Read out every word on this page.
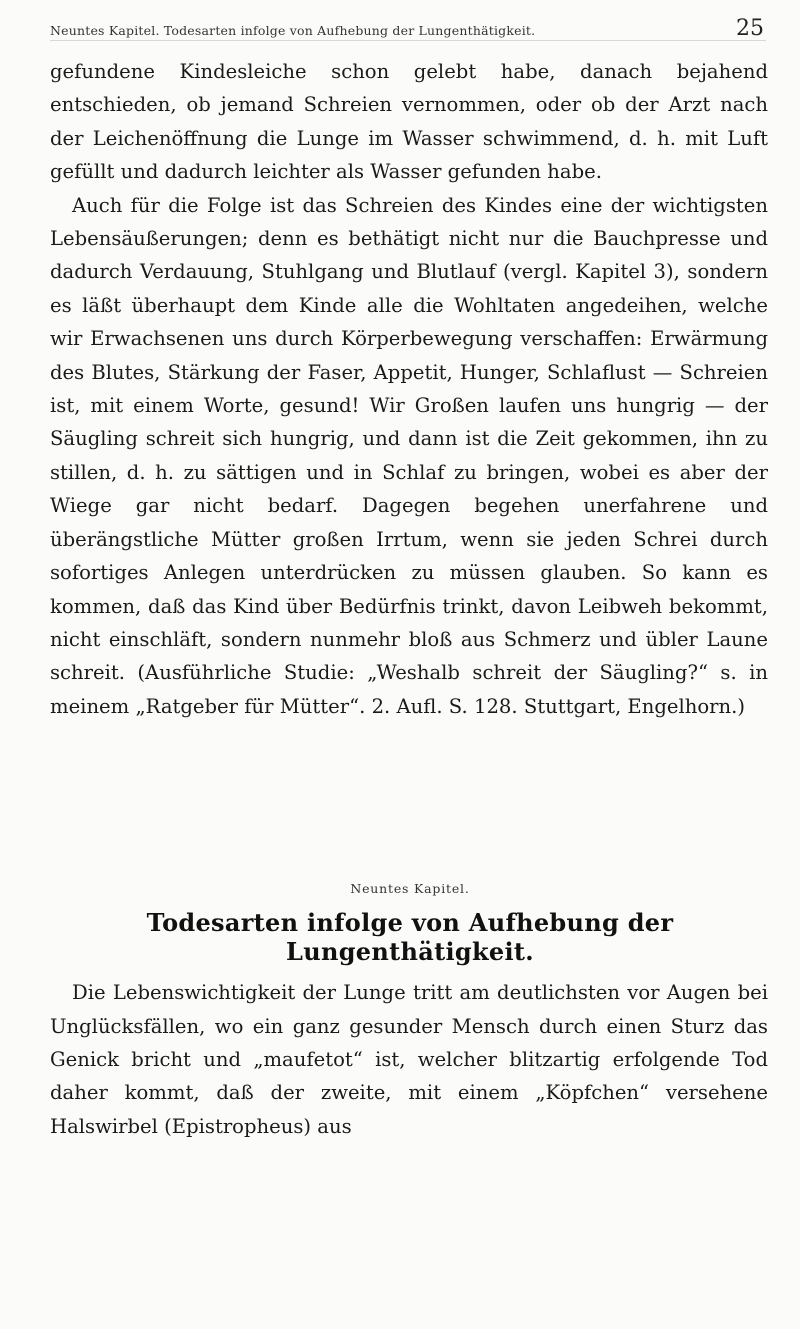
Neuntes Kapitel. Todesarten infolge von Aufhebung der Lungenthätigkeit.	25

gefundene Kindesleiche schon gelebt habe, danach bejahend entschieden, ob jemand Schreien vernommen, oder ob der Arzt nach der Leichenöffnung die Lunge im Wasser schwimmend, d. h. mit Luft gefüllt und dadurch leichter als Wasser gefunden habe.

Auch für die Folge ist das Schreien des Kindes eine der wichtigsten Lebensäußerungen; denn es bethätigt nicht nur die Bauchpresse und dadurch Verdauung, Stuhlgang und Blutlauf (vergl. Kapitel 3), sondern es läßt überhaupt dem Kinde alle die Wohltaten angedeihen, welche wir Erwachsenen uns durch Körperbewegung verschaffen: Erwärmung des Blutes, Stärkung der Faser, Appetit, Hunger, Schlaflust — Schreien ist, mit einem Worte, gesund! Wir Großen laufen uns hungrig — der Säugling schreit sich hungrig, und dann ist die Zeit gekommen, ihn zu stillen, d. h. zu sättigen und in Schlaf zu bringen, wobei es aber der Wiege gar nicht bedarf. Dagegen begehen unerfahrene und überängstliche Mütter großen Irrtum, wenn sie jeden Schrei durch sofortiges Anlegen unterdrücken zu müssen glauben. So kann es kommen, daß das Kind über Bedürfnis trinkt, davon Leibweh bekommt, nicht einschläft, sondern nunmehr bloß aus Schmerz und übler Laune schreit. (Ausführliche Studie: „Weshalb schreit der Säugling?“ s. in meinem „Ratgeber für Mütter“. 2. Aufl. S. 128. Stuttgart, Engelhorn.)

Neuntes Kapitel.
Todesarten infolge von Aufhebung der Lungenthätigkeit.

Die Lebenswichtigkeit der Lunge tritt am deutlichsten vor Augen bei Unglücksfällen, wo ein ganz gesunder Mensch durch einen Sturz das Genick bricht und „maufetot“ ist, welcher blitzartig erfolgende Tod daher kommt, daß der zweite, mit einem „Köpfchen“ versehene Halswirbel (Epistropheus) aus
